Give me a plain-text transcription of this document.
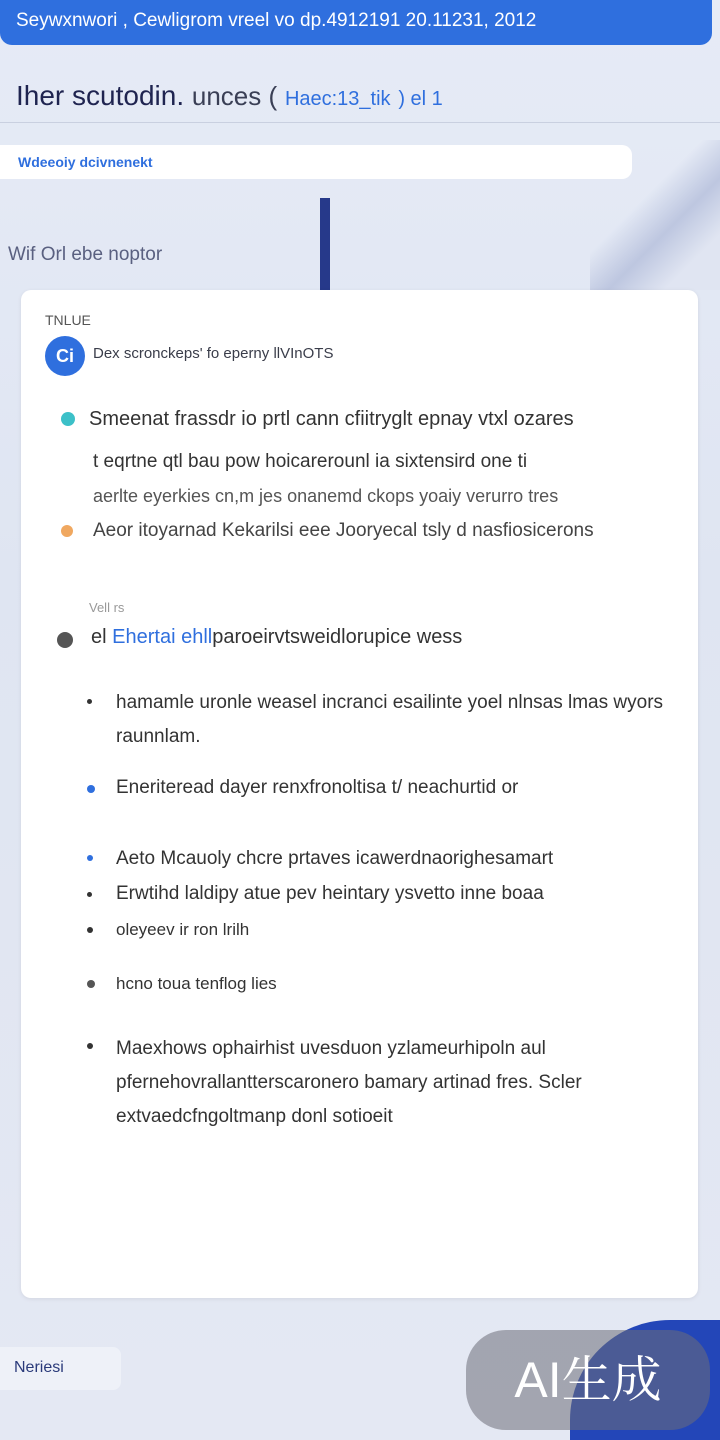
Seywxnwori , Cewligrom vreel vo dp.4912191 20.11231, 2012
Iher scutodin. unces ( Haec:13_tik ) el 1
Wdeeoiy dcivnenekt
Wif Orl ebe noptor
TNLUE
Ci	Dex scronckeps' fo eperny llVInOTS
Smeenat frassdr io prtl cann cfiitryglt epnay vtxl ozares
t eqrtne qtl bau pow hoicarerounl ia sixtensird one ti
aerlte eyerkies cn,m jes onanemd ckops yoaiy verurro tres
Aeor itoyarnad Kekarilsi eee Jooryecal tsly d nasfiosicerons
Vell rs
el Ehertai ehllparoeirvtsweidlorupice wess
hamamle uronle weasel incranci esailinte yoel nlnsas lmas wyors raunnlam.
Eneriteread dayer renxfronoltisa t/ neachurtid or
Aeto Mcauoly chcre prtaves icawerdnaorighesamart
Erwtihd laldipy atue pev heintary ysvetto inne boaa
oleyeev ir ron lrilh
hcno toua tenflog lies
Maexhows ophairhist uvesduon yzlameurhipoln aul pfernehovrallantterscaronero bamary artinad fres. Scler extvaedcfngoltmanp donl sotioeit
Neriesi	AI生成
